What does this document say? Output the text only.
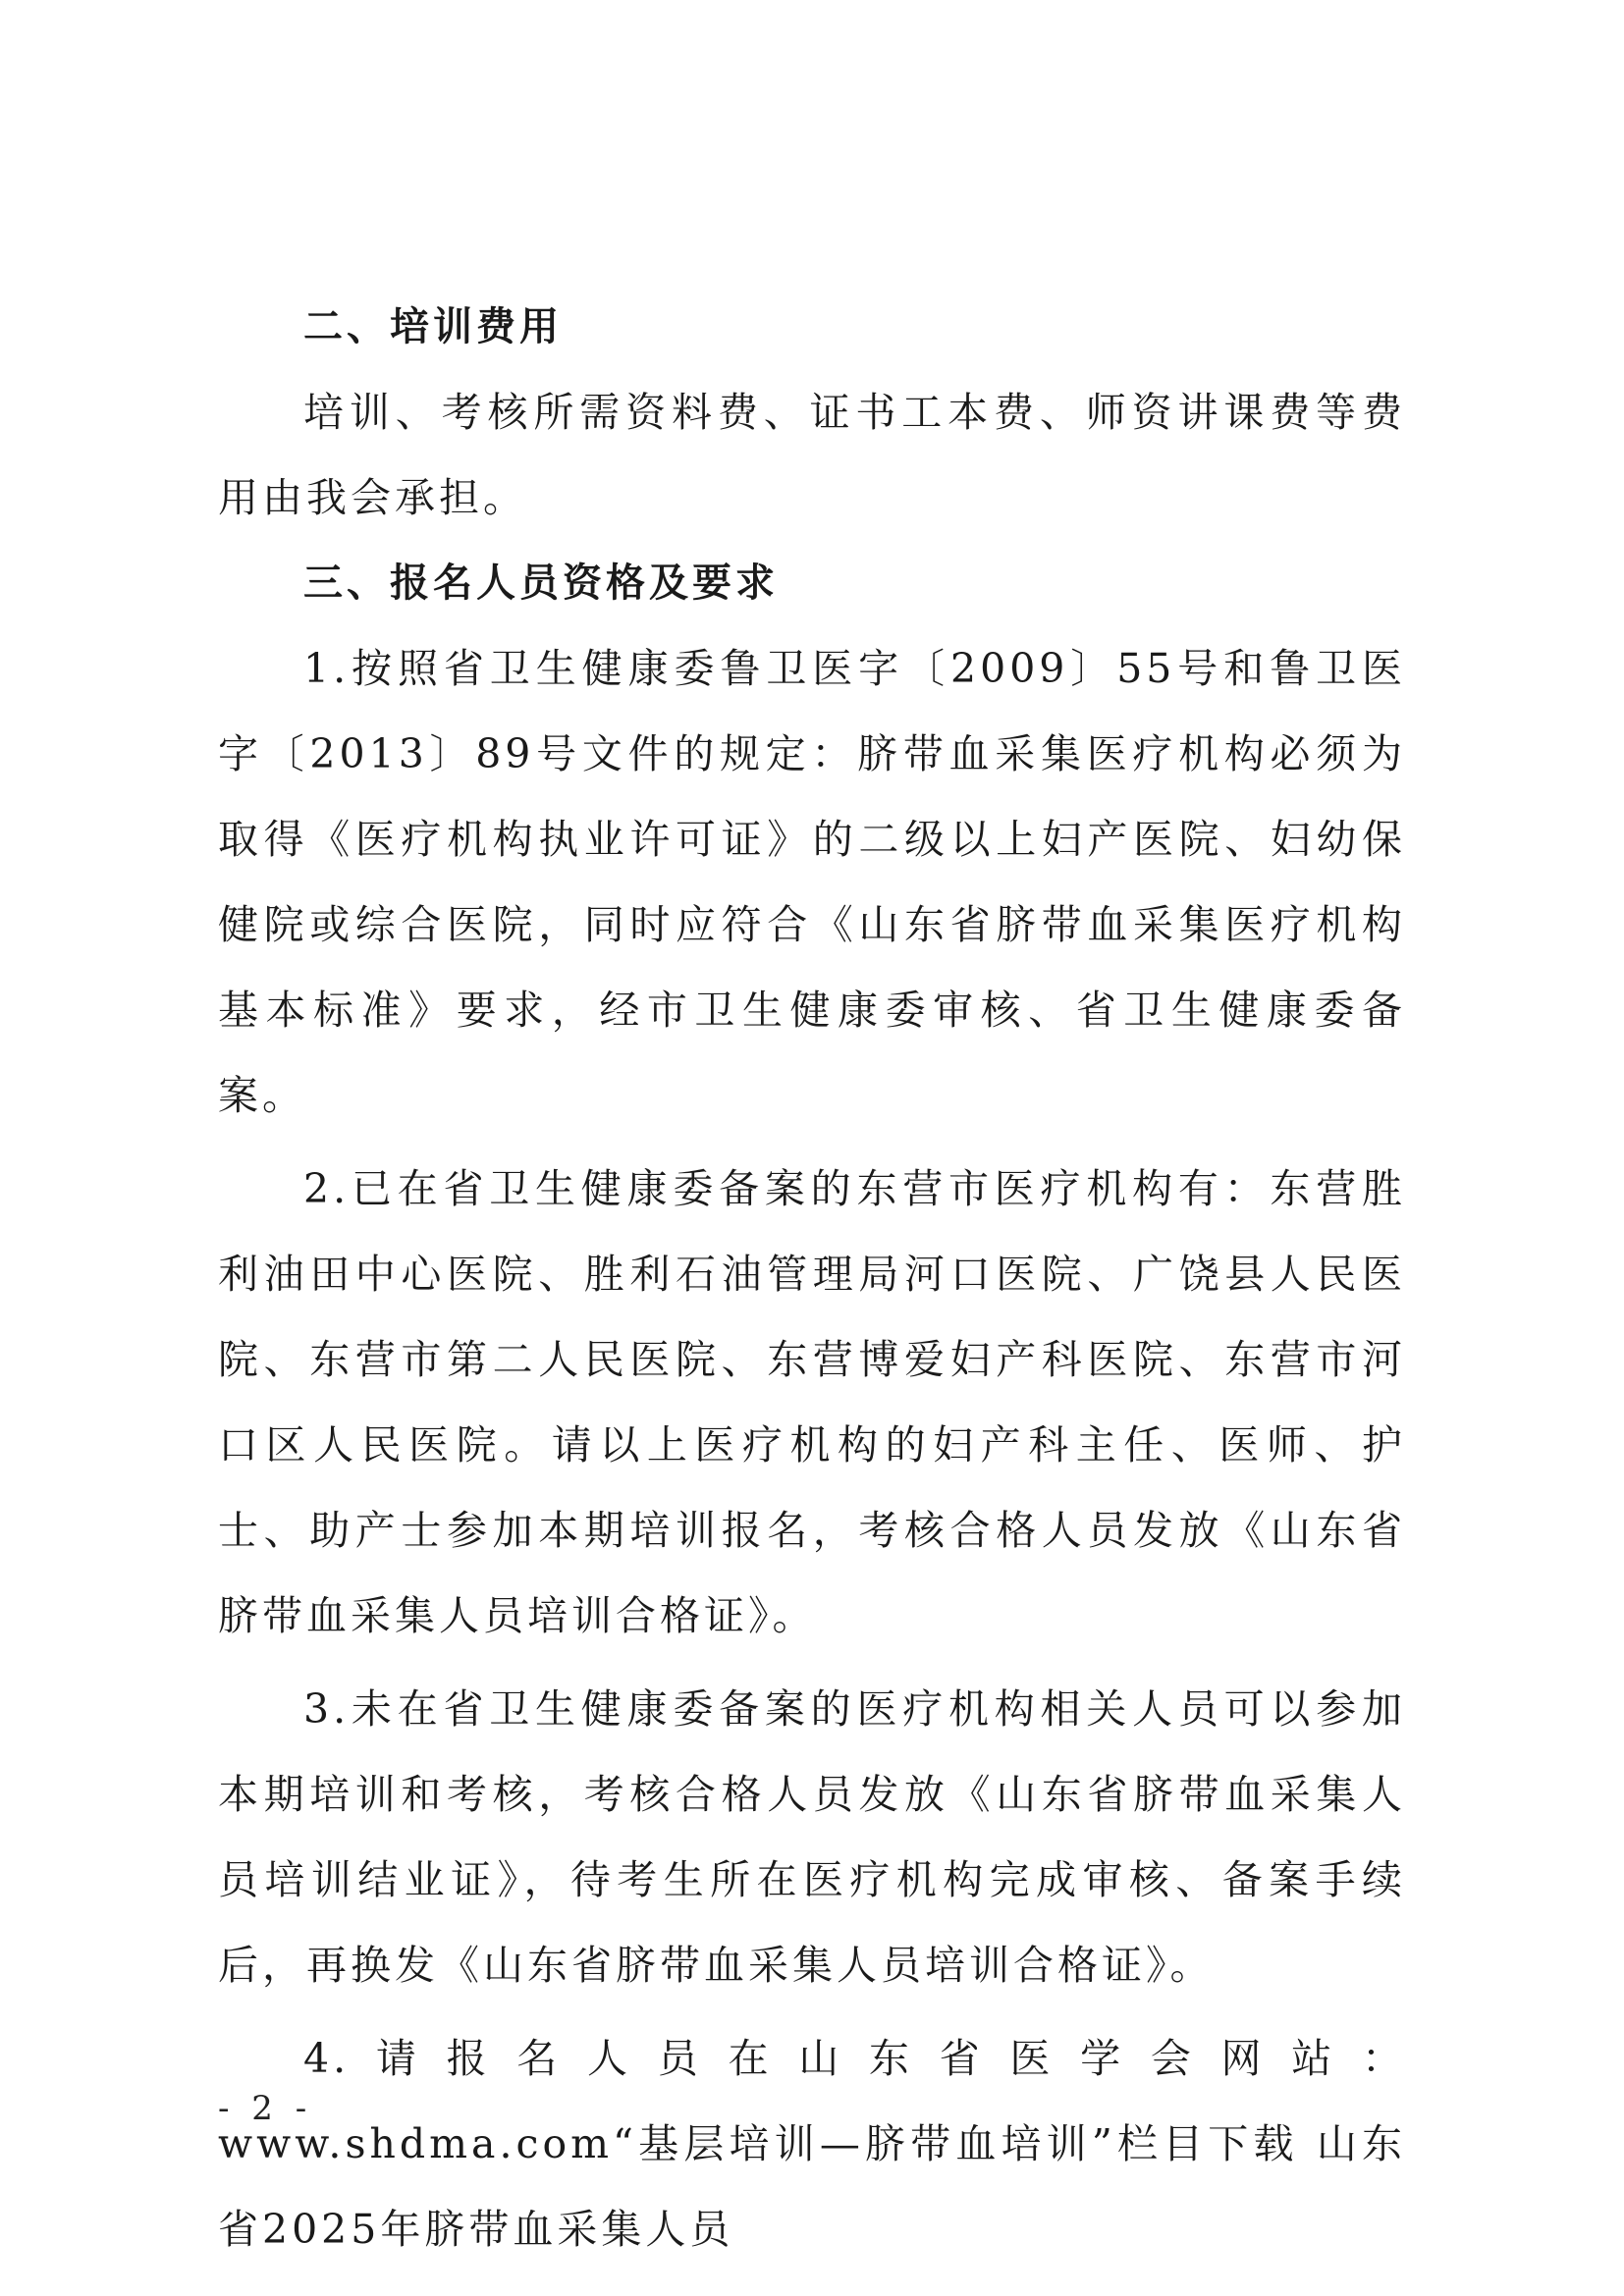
二、培训费用

培训、考核所需资料费、证书工本费、师资讲课费等费用由我会承担。

三、报名人员资格及要求

1.按照省卫生健康委鲁卫医字〔2009〕55号和鲁卫医字〔2013〕89号文件的规定：脐带血采集医疗机构必须为取得《医疗机构执业许可证》的二级以上妇产医院、妇幼保健院或综合医院，同时应符合《山东省脐带血采集医疗机构基本标准》要求，经市卫生健康委审核、省卫生健康委备案。

2.已在省卫生健康委备案的东营市医疗机构有：东营胜利油田中心医院、胜利石油管理局河口医院、广饶县人民医院、东营市第二人民医院、东营博爱妇产科医院、东营市河口区人民医院。请以上医疗机构的妇产科主任、医师、护士、助产士参加本期培训报名，考核合格人员发放《山东省脐带血采集人员培训合格证》。

3.未在省卫生健康委备案的医疗机构相关人员可以参加本期培训和考核，考核合格人员发放《山东省脐带血采集人员培训结业证》，待考生所在医疗机构完成审核、备案手续后，再换发《山东省脐带血采集人员培训合格证》。

4.请报名人员在山东省医学会网站：www.shdma.com“基层培训—脐带血培训”栏目下载 山东省2025年脐带血采集人员

- 2 -
